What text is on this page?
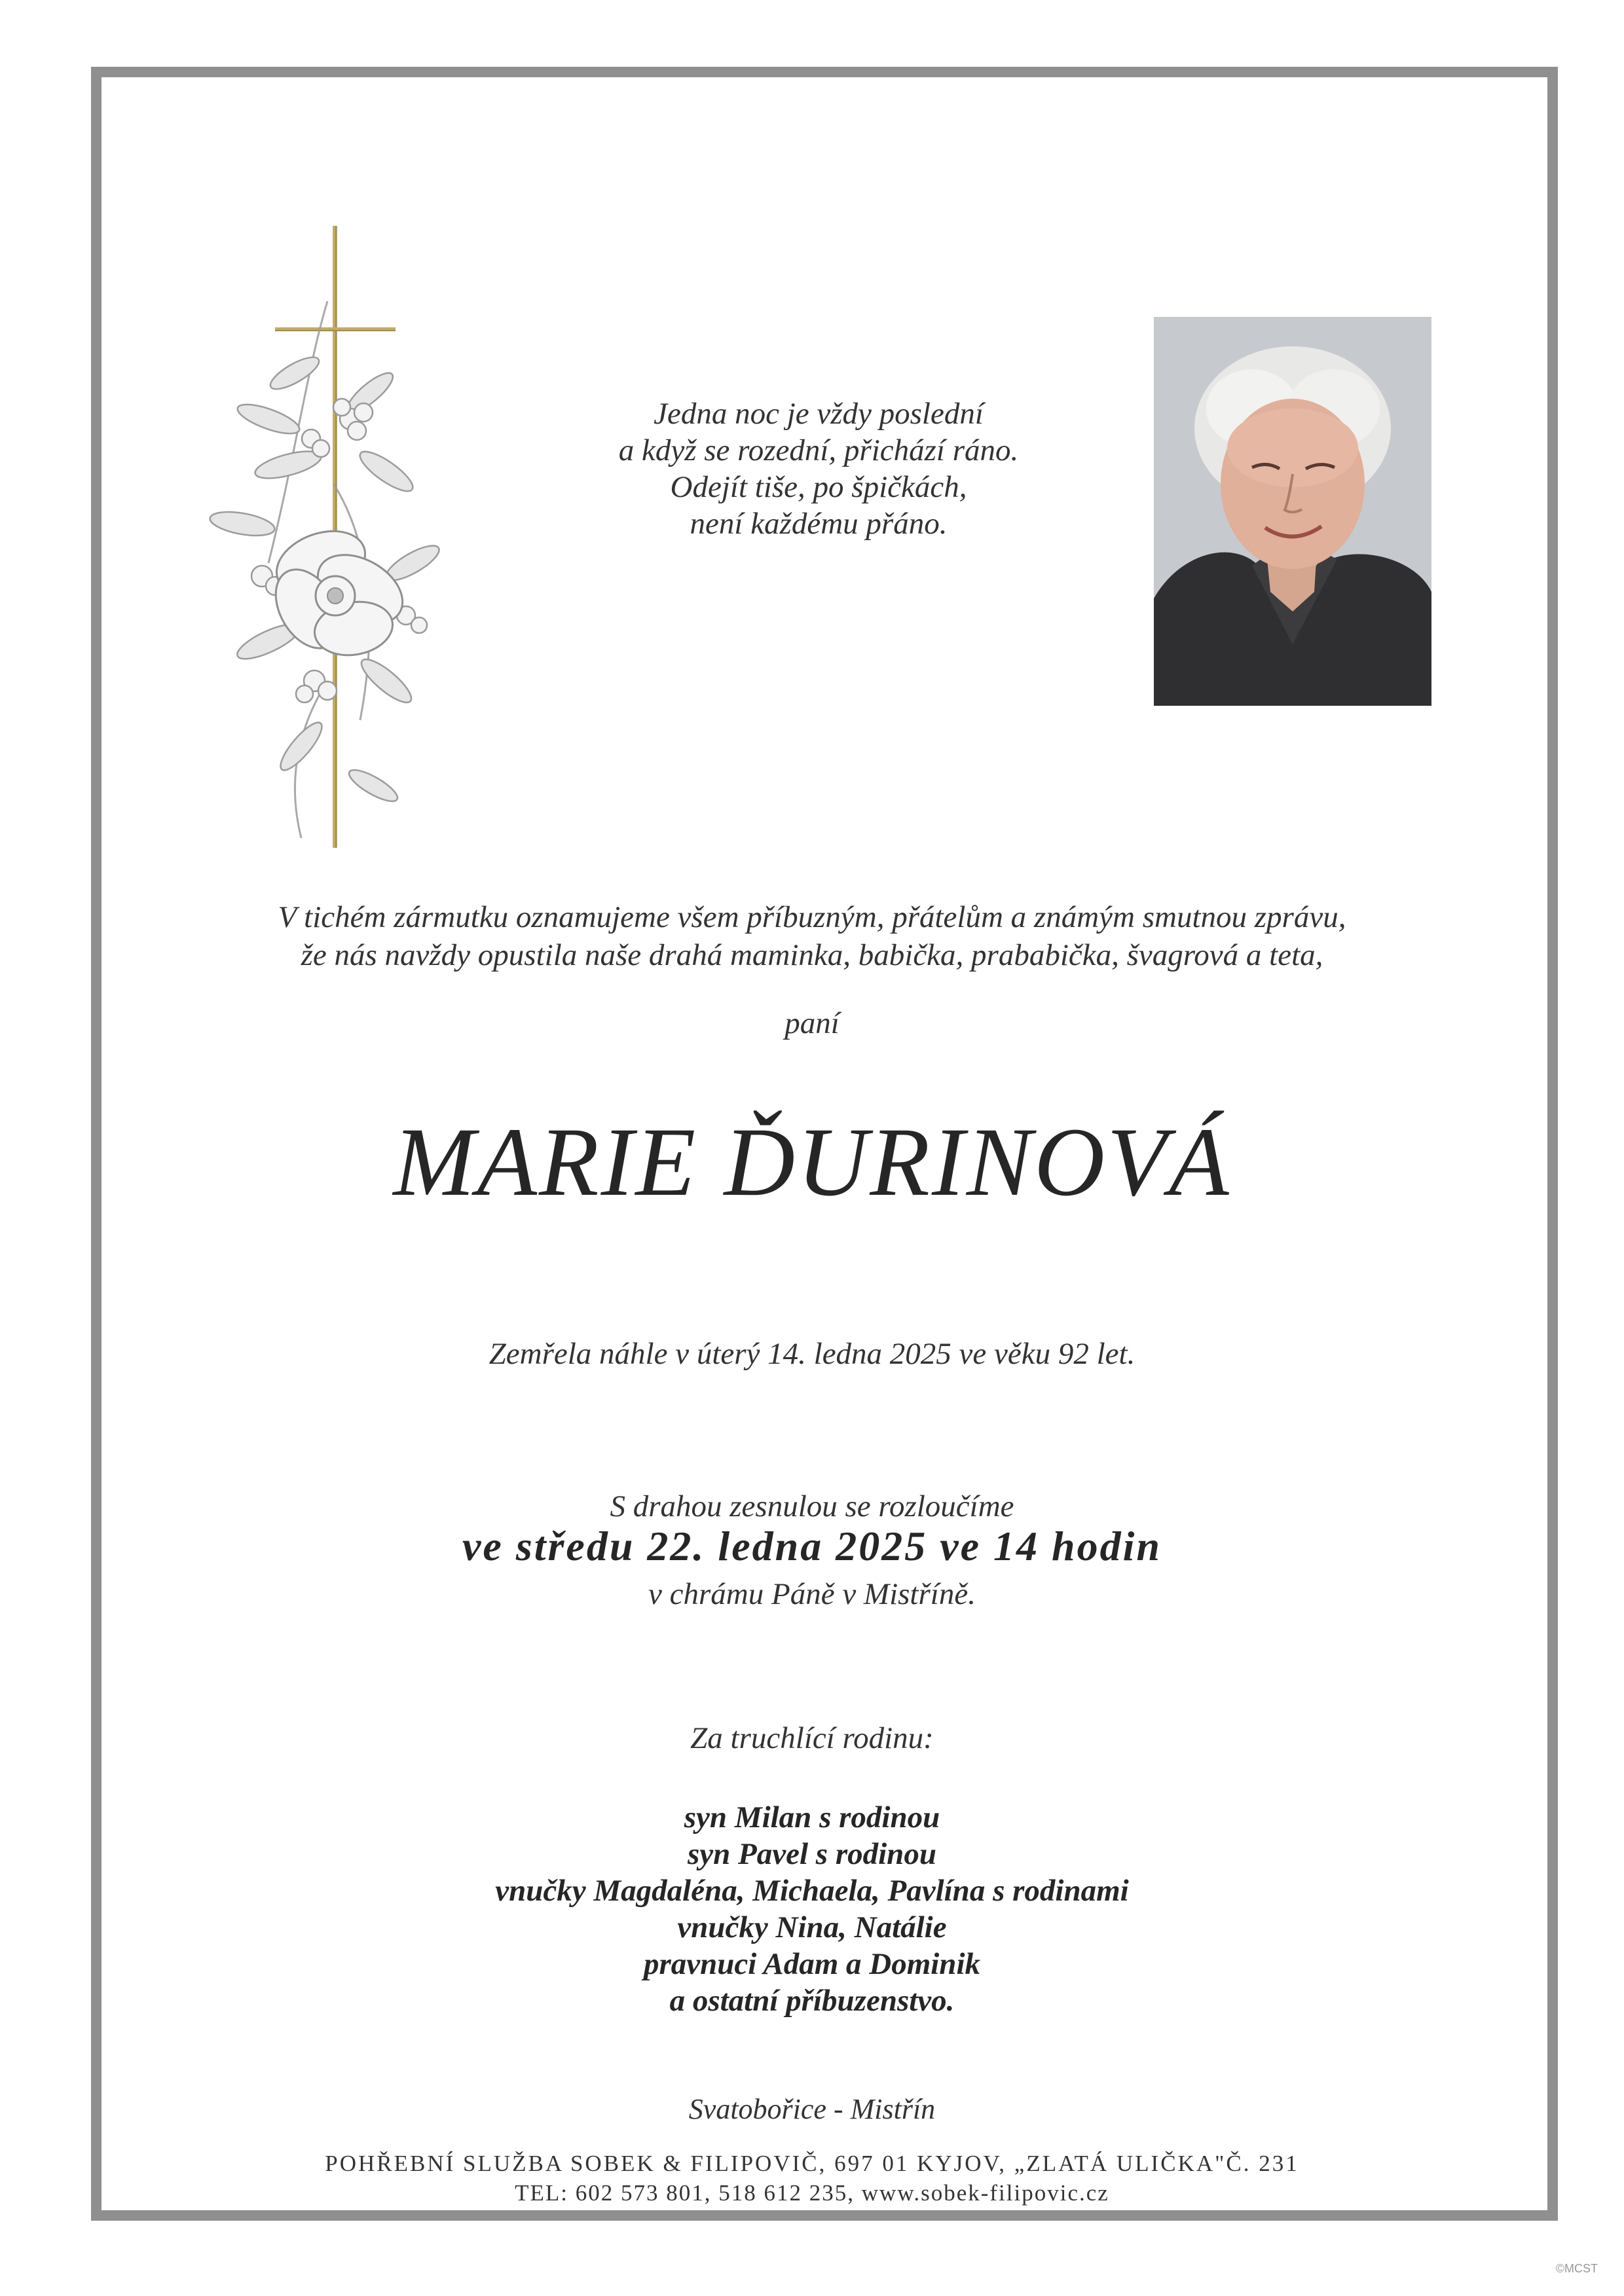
Jedna noc je vždy poslední
a když se rozední, přichází ráno.
Odejít tiše, po špičkách,
není každému přáno.
V tichém zármutku oznamujeme všem příbuzným, přátelům a známým smutnou zprávu,
že nás navždy opustila naše drahá maminka, babička, prababička, švagrová a teta,
paní
MARIE ĎURINOVÁ
Zemřela náhle v úterý 14. ledna 2025 ve věku 92 let.
S drahou zesnulou se rozloučíme
ve středu 22. ledna 2025 ve 14 hodin
v chrámu Páně v Mistříně.
Za truchlící rodinu:
syn Milan s rodinou
syn Pavel s rodinou
vnučky Magdaléna, Michaela, Pavlína s rodinami
vnučky Nina, Natálie
pravnuci Adam a Dominik
a ostatní příbuzenstvo.
Svatobořice - Mistřín
POHŘEBNÍ SLUŽBA SOBEK & FILIPOVIČ, 697 01 KYJOV, „ZLATÁ ULIČKA"Č. 231
TEL: 602 573 801, 518 612 235, www.sobek-filipovic.cz
©MCST
